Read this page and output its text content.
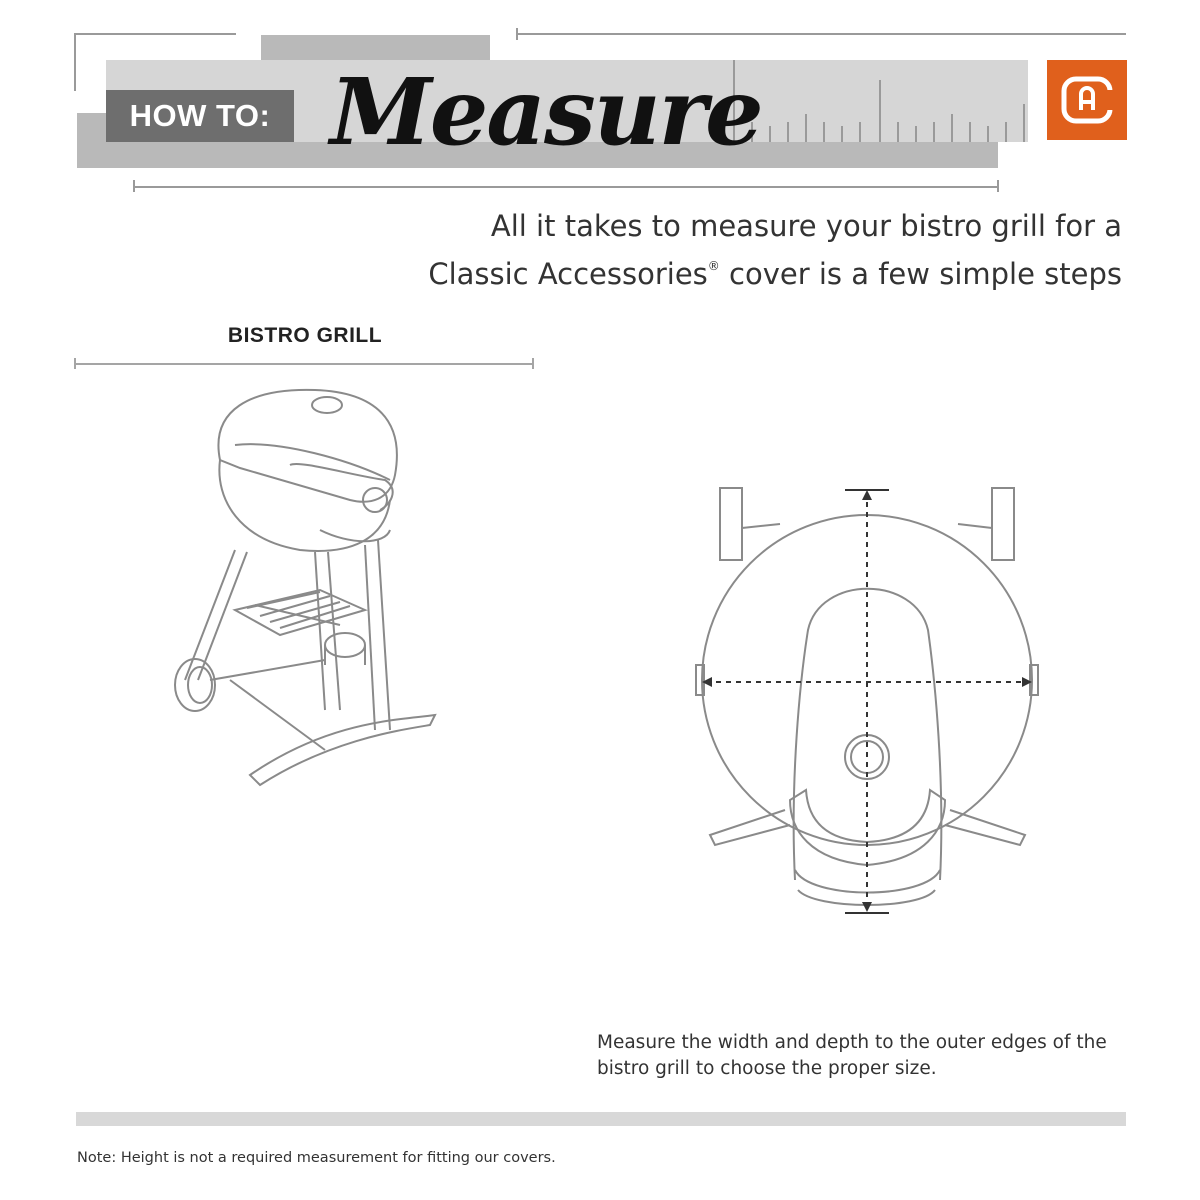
HOW TO: Measure
All it takes to measure your bistro grill for a
Classic Accessories® cover is a few simple steps
BISTRO GRILL
Measure the width and depth to the outer edges of the bistro grill to choose the proper size.
Note: Height is not a required measurement for fitting our covers.
